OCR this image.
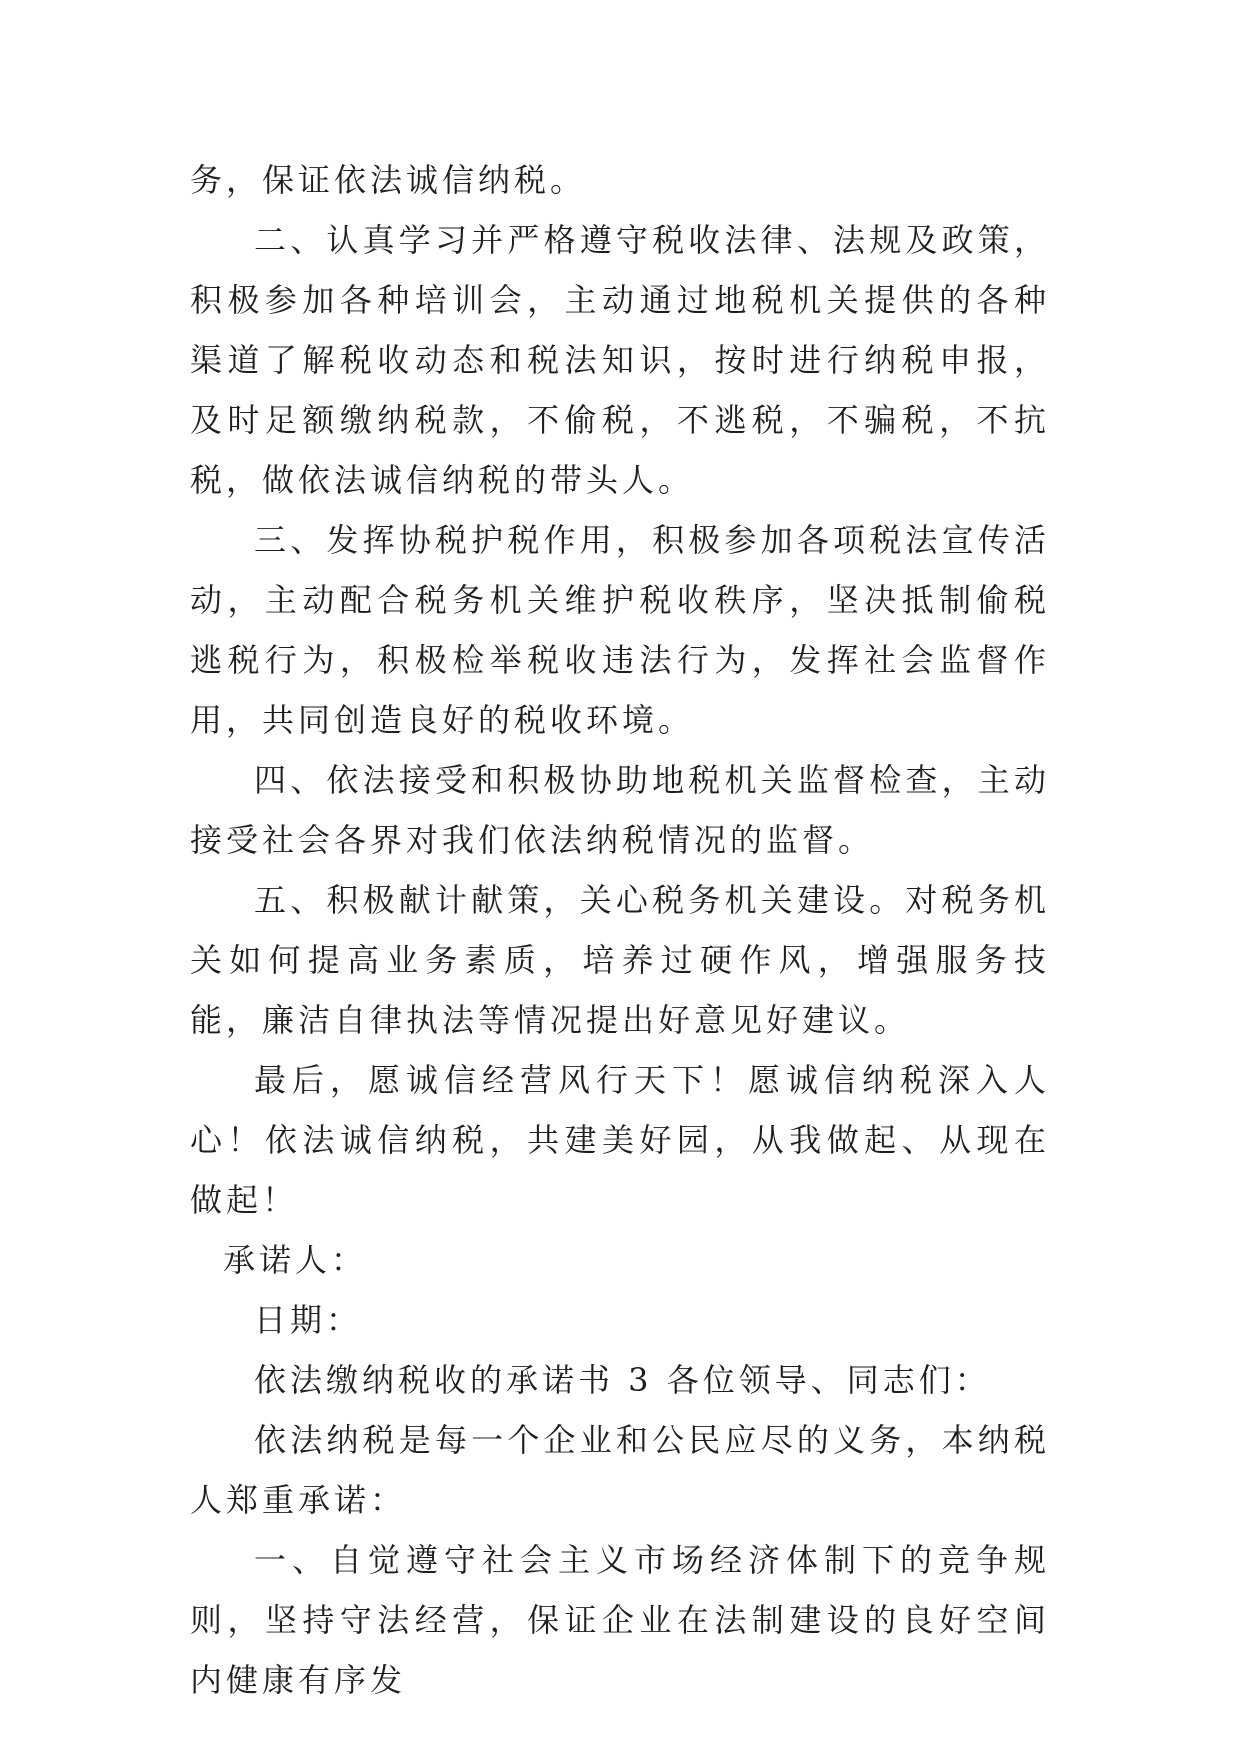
务，保证依法诚信纳税。

二、认真学习并严格遵守税收法律、法规及政策，积极参加各种培训会，主动通过地税机关提供的各种渠道了解税收动态和税法知识，按时进行纳税申报，及时足额缴纳税款，不偷税，不逃税，不骗税，不抗税，做依法诚信纳税的带头人。

三、发挥协税护税作用，积极参加各项税法宣传活动，主动配合税务机关维护税收秩序，坚决抵制偷税逃税行为，积极检举税收违法行为，发挥社会监督作用，共同创造良好的税收环境。

四、依法接受和积极协助地税机关监督检查，主动接受社会各界对我们依法纳税情况的监督。

五、积极献计献策，关心税务机关建设。对税务机关如何提高业务素质，培养过硬作风，增强服务技能，廉洁自律执法等情况提出好意见好建议。

最后，愿诚信经营风行天下！愿诚信纳税深入人心！依法诚信纳税，共建美好园，从我做起、从现在做起！

承诺人：

日期：

依法缴纳税收的承诺书 3 各位领导、同志们：

依法纳税是每一个企业和公民应尽的义务，本纳税人郑重承诺：

一、自觉遵守社会主义市场经济体制下的竞争规则，坚持守法经营，保证企业在法制建设的良好空间内健康有序发
